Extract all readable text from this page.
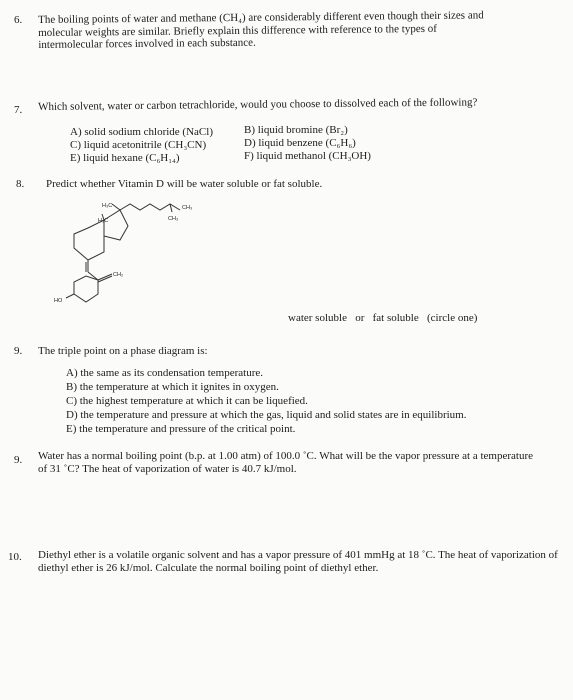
6. The boiling points of water and methane (CH₄) are considerably different even though their sizes and molecular weights are similar. Briefly explain this difference with reference to the types of intermolecular forces involved in each substance.
7. Which solvent, water or carbon tetrachloride, would you choose to dissolved each of the following?
A) solid sodium chloride (NaCl)	B) liquid bromine (Br₂)
C) liquid acetonitrile (CH₃CN)	D) liquid benzene (C₆H₆)
E) liquid hexane (C₆H₁₄)	F) liquid methanol (CH₃OH)
8. Predict whether Vitamin D will be water soluble or fat soluble.
H₃C	CH₃
H₃C	CH₃
CH₂
HO
water soluble   or   fat soluble   (circle one)
9. The triple point on a phase diagram is:
A) the same as its condensation temperature.
B) the temperature at which it ignites in oxygen.
C) the highest temperature at which it can be liquefied.
D) the temperature and pressure at which the gas, liquid and solid states are in equilibrium.
E) the temperature and pressure of the critical point.
9. Water has a normal boiling point (b.p. at 1.00 atm) of 100.0 ˚C. What will be the vapor pressure at a temperature of 31 ˚C? The heat of vaporization of water is 40.7 kJ/mol.
10. Diethyl ether is a volatile organic solvent and has a vapor pressure of 401 mmHg at 18 ˚C. The heat of vaporization of diethyl ether is 26 kJ/mol. Calculate the normal boiling point of diethyl ether.
